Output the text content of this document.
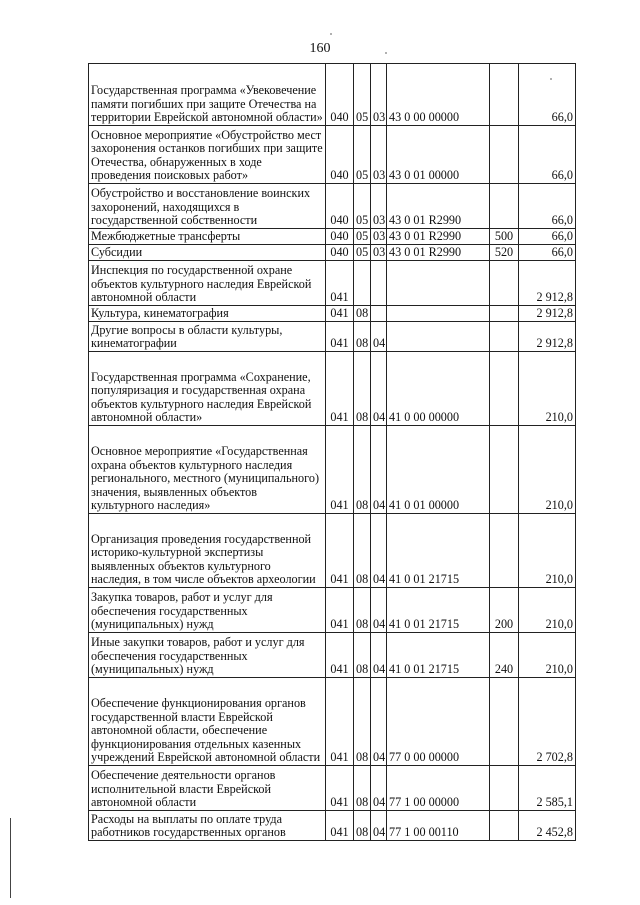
160
Государственная программа «Увековечение памяти погибших при защите Отечества на территории Еврейской автономной области»	040	05	03	43 0 00 00000		66,0
Основное мероприятие «Обустройство мест захоронения останков погибших при защите Отечества, обнаруженных в ходе проведения поисковых работ»	040	05	03	43 0 01 00000		66,0
Обустройство и восстановление воинских захоронений, находящихся в государственной собственности	040	05	03	43 0 01 R2990		66,0
Межбюджетные трансферты	040	05	03	43 0 01 R2990	500	66,0
Субсидии	040	05	03	43 0 01 R2990	520	66,0
Инспекция по государственной охране объектов культурного наследия Еврейской автономной области	041					2 912,8
Культура, кинематография	041	08				2 912,8
Другие вопросы в области культуры, кинематографии	041	08	04			2 912,8
Государственная программа «Сохранение, популяризация и государственная охрана объектов культурного наследия Еврейской автономной области»	041	08	04	41 0 00 00000		210,0
Основное мероприятие «Государственная охрана объектов культурного наследия регионального, местного (муниципального) значения, выявленных объектов культурного наследия»	041	08	04	41 0 01 00000		210,0
Организация проведения государственной историко-культурной экспертизы выявленных объектов культурного наследия, в том числе объектов археологии	041	08	04	41 0 01 21715		210,0
Закупка товаров, работ и услуг для обеспечения государственных (муниципальных) нужд	041	08	04	41 0 01 21715	200	210,0
Иные закупки товаров, работ и услуг для обеспечения государственных (муниципальных) нужд	041	08	04	41 0 01 21715	240	210,0
Обеспечение функционирования органов государственной власти Еврейской автономной области, обеспечение функционирования отдельных казенных учреждений Еврейской автономной области	041	08	04	77 0 00 00000		2 702,8
Обеспечение деятельности органов исполнительной власти Еврейской автономной области	041	08	04	77 1 00 00000		2 585,1
Расходы на выплаты по оплате труда работников государственных органов	041	08	04	77 1 00 00110		2 452,8
